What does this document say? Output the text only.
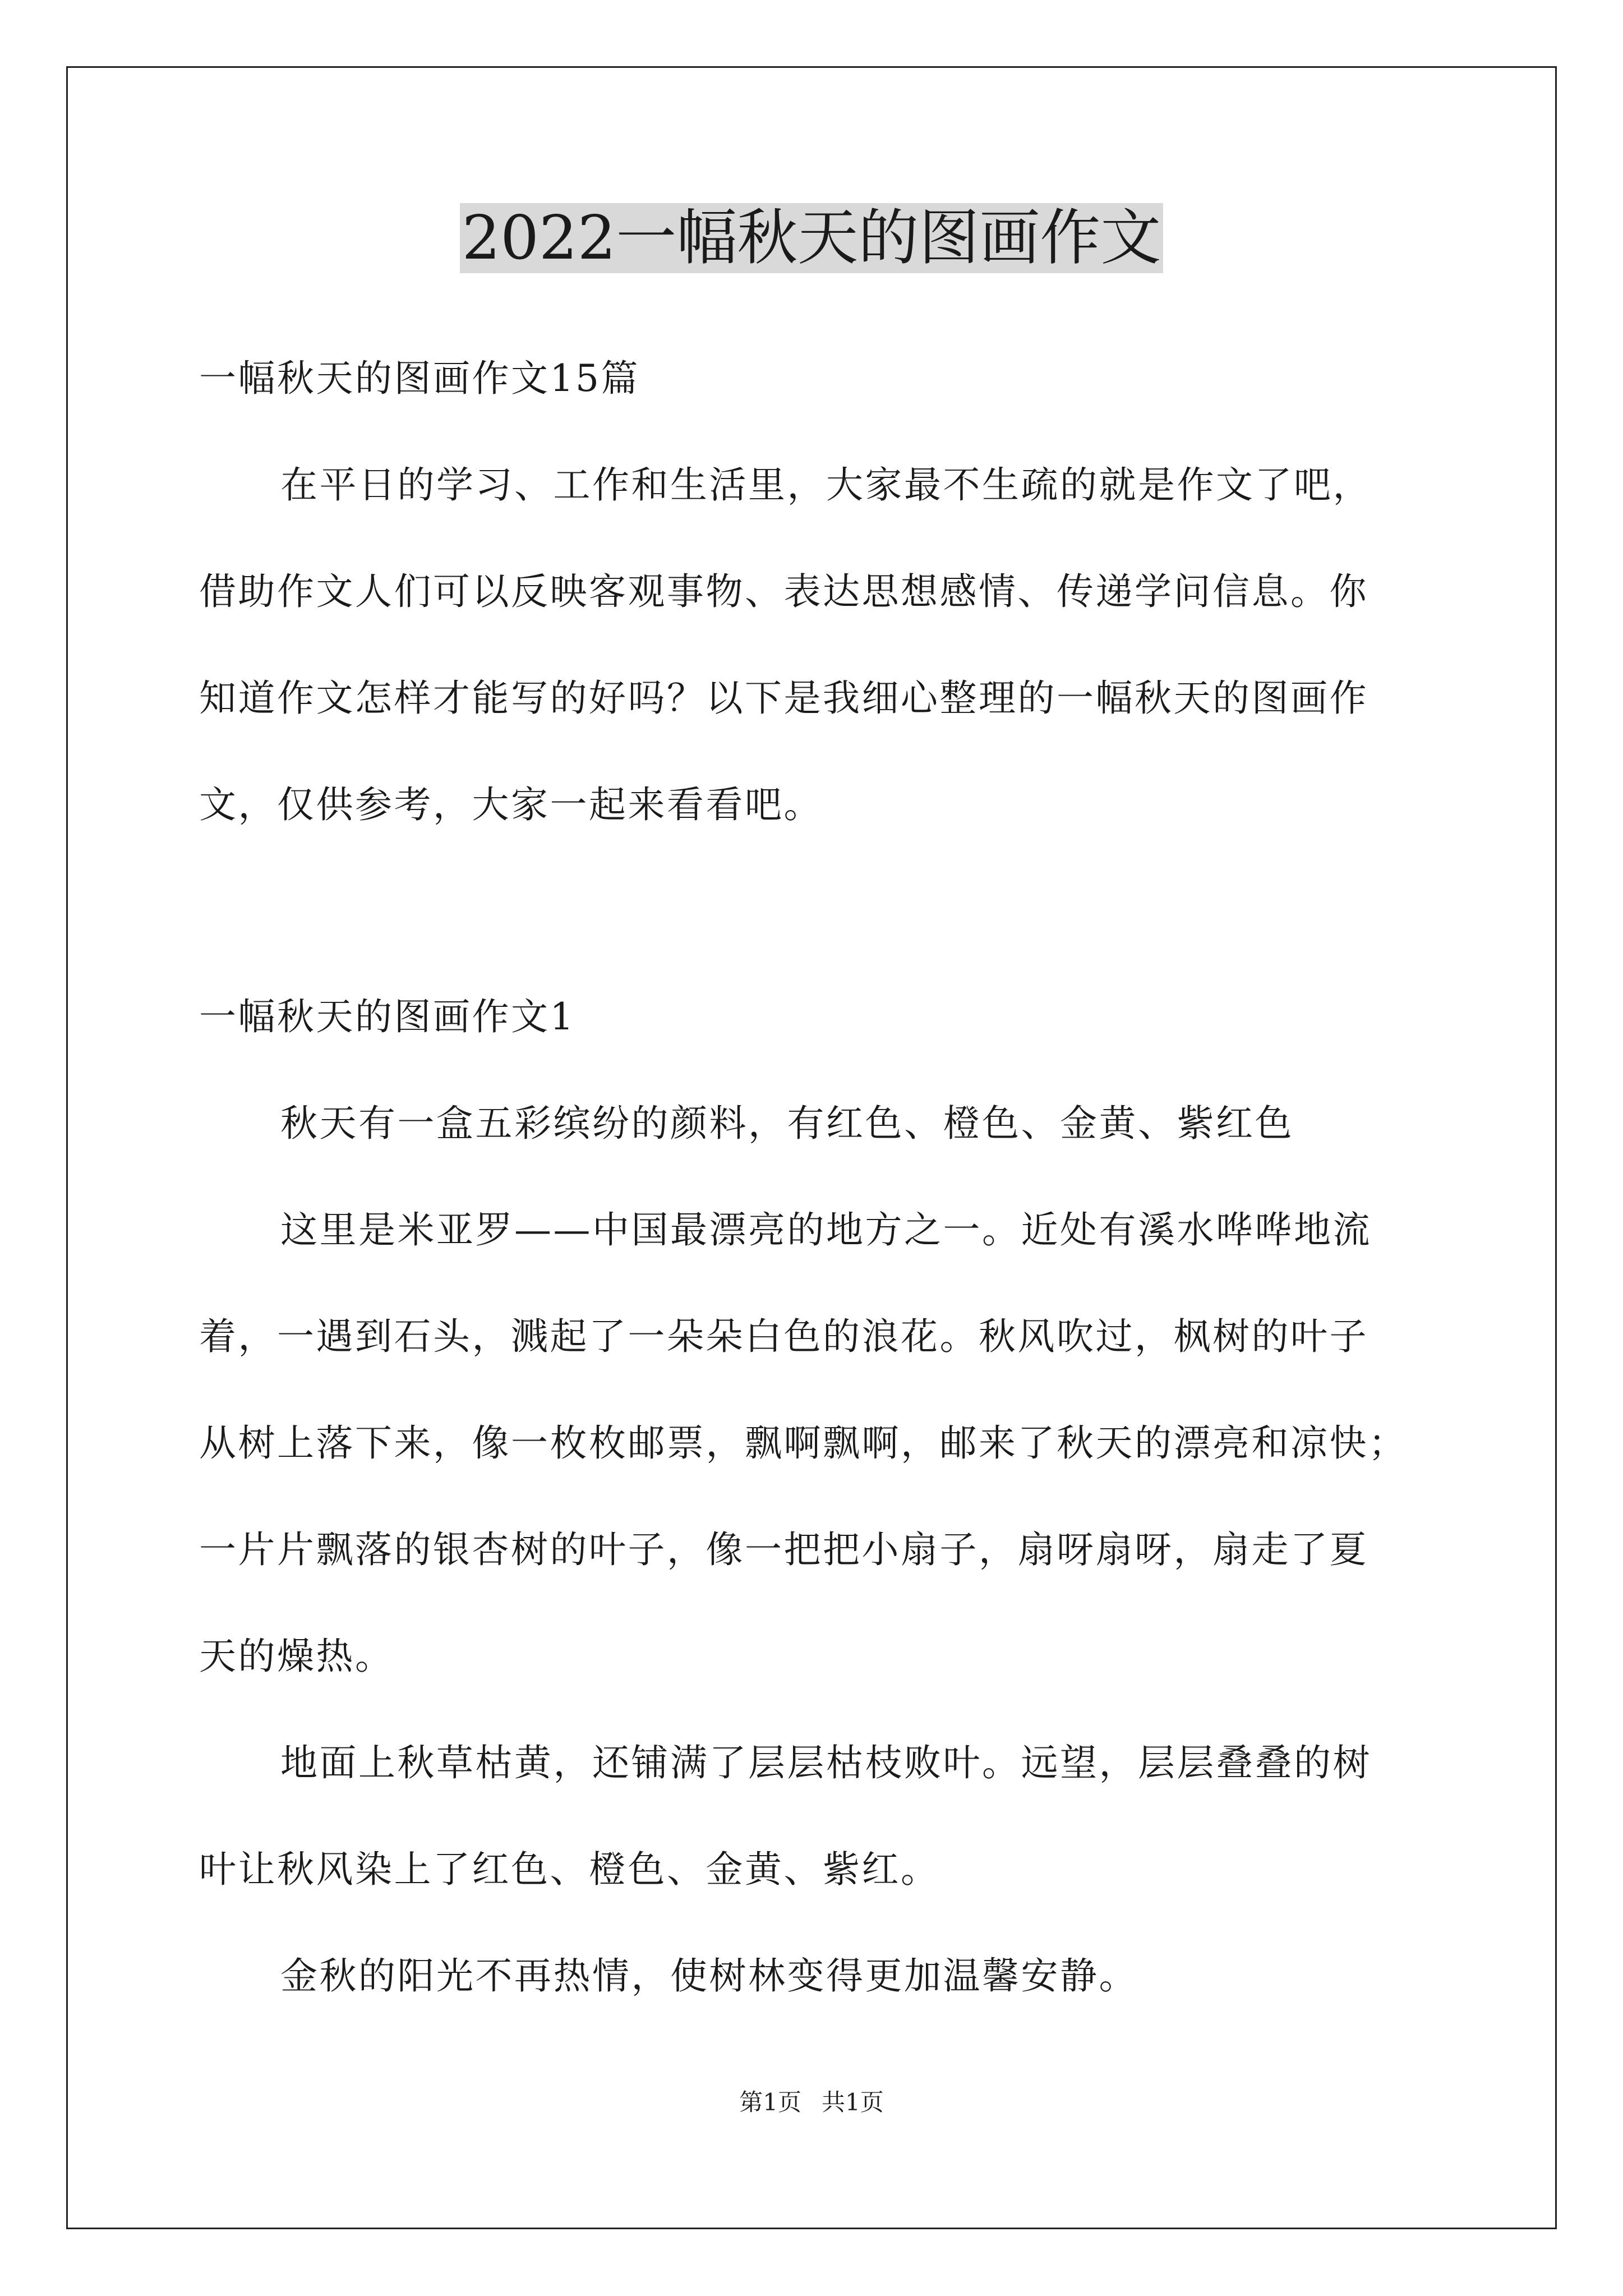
2022一幅秋天的图画作文
一幅秋天的图画作文15篇
在平日的学习、工作和生活里，大家最不生疏的就是作文了吧，
借助作文人们可以反映客观事物、表达思想感情、传递学问信息。你
知道作文怎样才能写的好吗？以下是我细心整理的一幅秋天的图画作
文，仅供参考，大家一起来看看吧。
一幅秋天的图画作文1
秋天有一盒五彩缤纷的颜料，有红色、橙色、金黄、紫红色
这里是米亚罗——中国最漂亮的地方之一。近处有溪水哗哗地流
着，一遇到石头，溅起了一朵朵白色的浪花。秋风吹过，枫树的叶子
从树上落下来，像一枚枚邮票，飘啊飘啊，邮来了秋天的漂亮和凉快；
一片片飘落的银杏树的叶子，像一把把小扇子，扇呀扇呀，扇走了夏
天的燥热。
地面上秋草枯黄，还铺满了层层枯枝败叶。远望，层层叠叠的树
叶让秋风染上了红色、橙色、金黄、紫红。
金秋的阳光不再热情，使树林变得更加温馨安静。
第1页 共1页
